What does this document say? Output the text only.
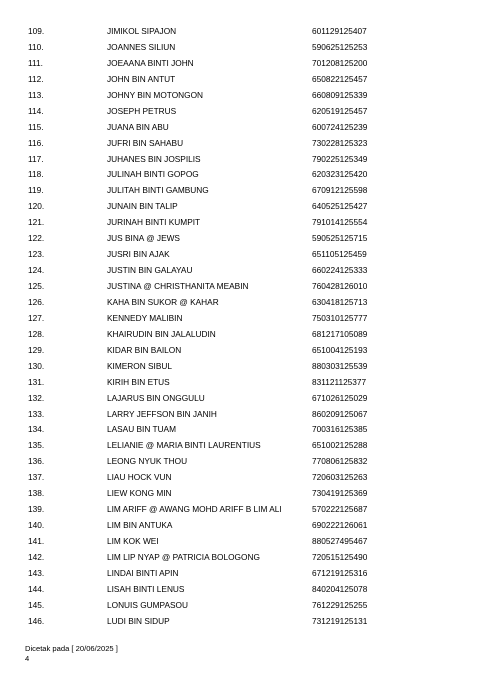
109.	JIMIKOL SIPAJON	601129125407
110.	JOANNES SILIUN	590625125253
111.	JOEAANA BINTI JOHN	701208125200
112.	JOHN BIN ANTUT	650822125457
113.	JOHNY BIN MOTONGON	660809125339
114.	JOSEPH PETRUS	620519125457
115.	JUANA BIN ABU	600724125239
116.	JUFRI BIN SAHABU	730228125323
117.	JUHANES BIN JOSPILIS	790225125349
118.	JULINAH BINTI GOPOG	620323125420
119.	JULITAH BINTI GAMBUNG	670912125598
120.	JUNAIN BIN TALIP	640525125427
121.	JURINAH BINTI KUMPIT	791014125554
122.	JUS BINA @ JEWS	590525125715
123.	JUSRI BIN AJAK	651105125459
124.	JUSTIN BIN GALAYAU	660224125333
125.	JUSTINA @ CHRISTHANITA MEABIN	760428126010
126.	KAHA BIN SUKOR @ KAHAR	630418125713
127.	KENNEDY MALIBIN	750310125777
128.	KHAIRUDIN BIN JALALUDIN	681217105089
129.	KIDAR BIN BAILON	651004125193
130.	KIMERON SIBUL	880303125539
131.	KIRIH BIN ETUS	831121125377
132.	LAJARUS BIN ONGGULU	671026125029
133.	LARRY JEFFSON BIN JANIH	860209125067
134.	LASAU BIN TUAM	700316125385
135.	LELIANIE @ MARIA BINTI LAURENTIUS	651002125288
136.	LEONG NYUK THOU	770806125832
137.	LIAU HOCK VUN	720603125263
138.	LIEW KONG MIN	730419125369
139.	LIM ARIFF @ AWANG MOHD ARIFF B LIM ALI	570222125687
140.	LIM BIN ANTUKA	690222126061
141.	LIM KOK WEI	880527495467
142.	LIM LIP NYAP @ PATRICIA BOLOGONG	720515125490
143.	LINDAI BINTI APIN	671219125316
144.	LISAH BINTI LENUS	840204125078
145.	LONUIS GUMPASOU	761229125255
146.	LUDI BIN SIDUP	731219125131
Dicetak pada [ 20/06/2025 ]
4
